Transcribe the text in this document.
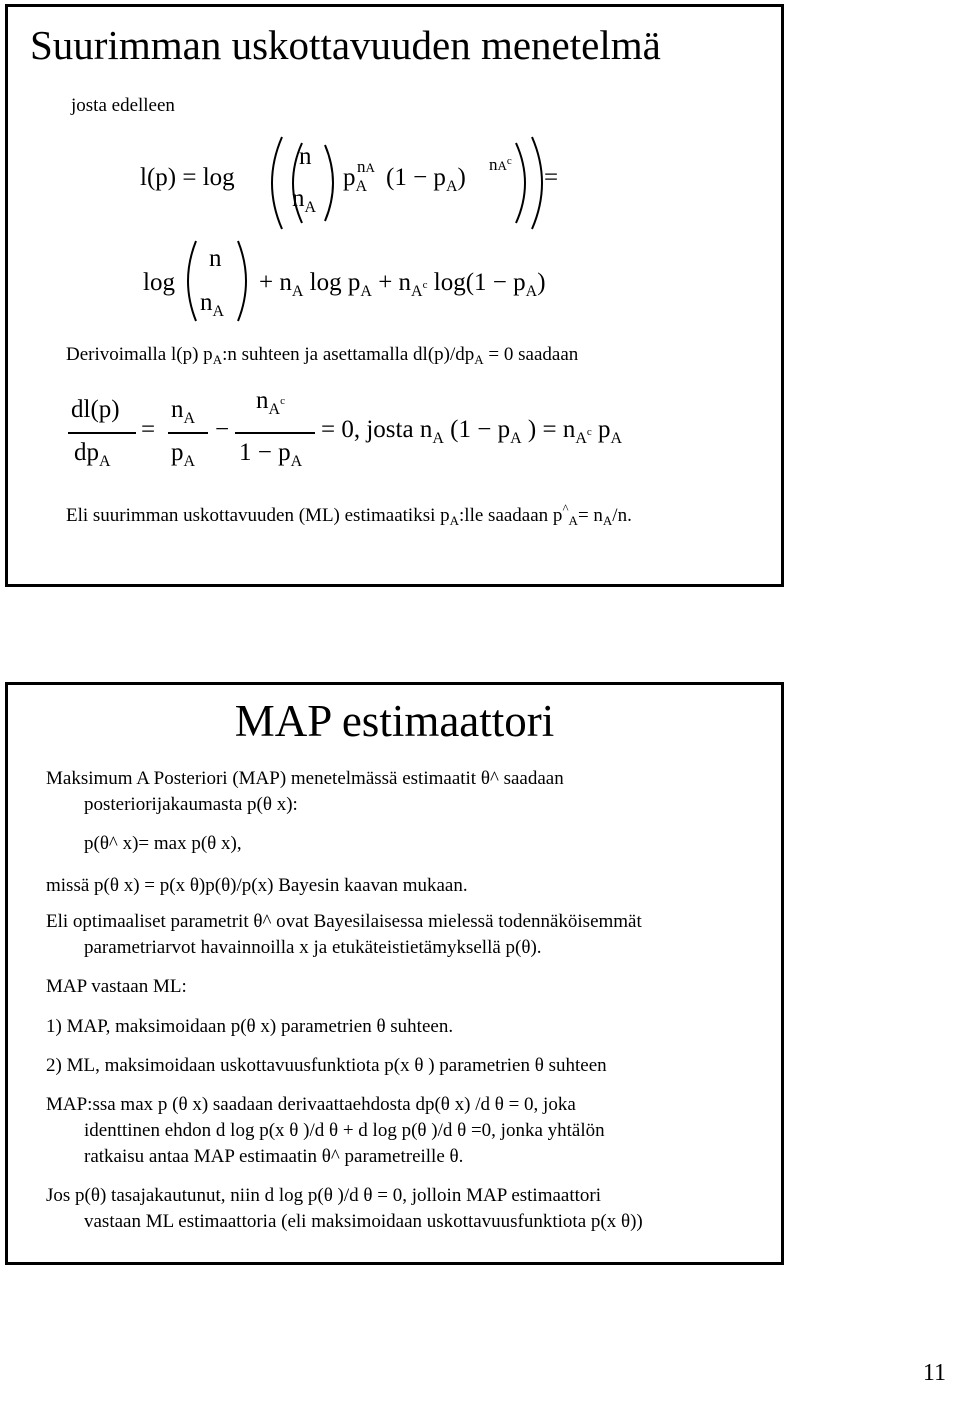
Suurimman uskottavuuden menetelmä
josta edelleen
l(p) = log
n
$n_A$
$p_A$
nA $(1 - p_A)$ $nA^c$
=
log
n
$n_A$
+ $n_A$ $\log p_A + n_Ac$ $\log(1 - p_A)$
Derivoimalla l(p) $p_A:n$ suhteen ja asettamalla $dl(p)/dp_A = 0$ saadaan
dl(p)
$dp_A$
=
$n_A$
$p_A$
−
$n_Ac$
$1 - p_A$
= 0, josta $n_A$ ($1 - p_A$ ) = $n_Ac$ $p_A$
Eli suurimman uskottavuuden (ML) estimaatiksi $p_A:lle$ saadaan $p^{\^{}}_A= n_A/n$.
MAP estimaattori
Maksimum A Posteriori (MAP) menetelmässä estimaatit θ^ saadaan
posteriorijakaumasta p(θ x):
p(θ^ x)= max p(θ x),
missä p(θ x) = p(x θ)p(θ)/p(x) Bayesin kaavan mukaan.
Eli optimaaliset parametrit θ^ ovat Bayesilaisessa mielessä todennäköisemmät
parametriarvot havainnoilla x ja etukäteistietämyksellä p(θ).
MAP vastaan ML:
1) MAP, maksimoidaan p(θ x) parametrien θ suhteen.
2) ML, maksimoidaan uskottavuusfunktiota p(x θ ) parametrien θ suhteen
MAP:ssa max p (θ x) saadaan derivaattaehdosta dp(θ x) /d θ = 0, joka
identtinen ehdon d log p(x θ )/d θ + d log p(θ )/d θ =0, jonka yhtälön
ratkaisu antaa MAP estimaatin θ^ parametreille θ.
Jos p(θ) tasajakautunut, niin d log p(θ )/d θ = 0, jolloin MAP estimaattori
vastaan ML estimaattoria (eli maksimoidaan uskottavuusfunktiota p(x θ))
11
